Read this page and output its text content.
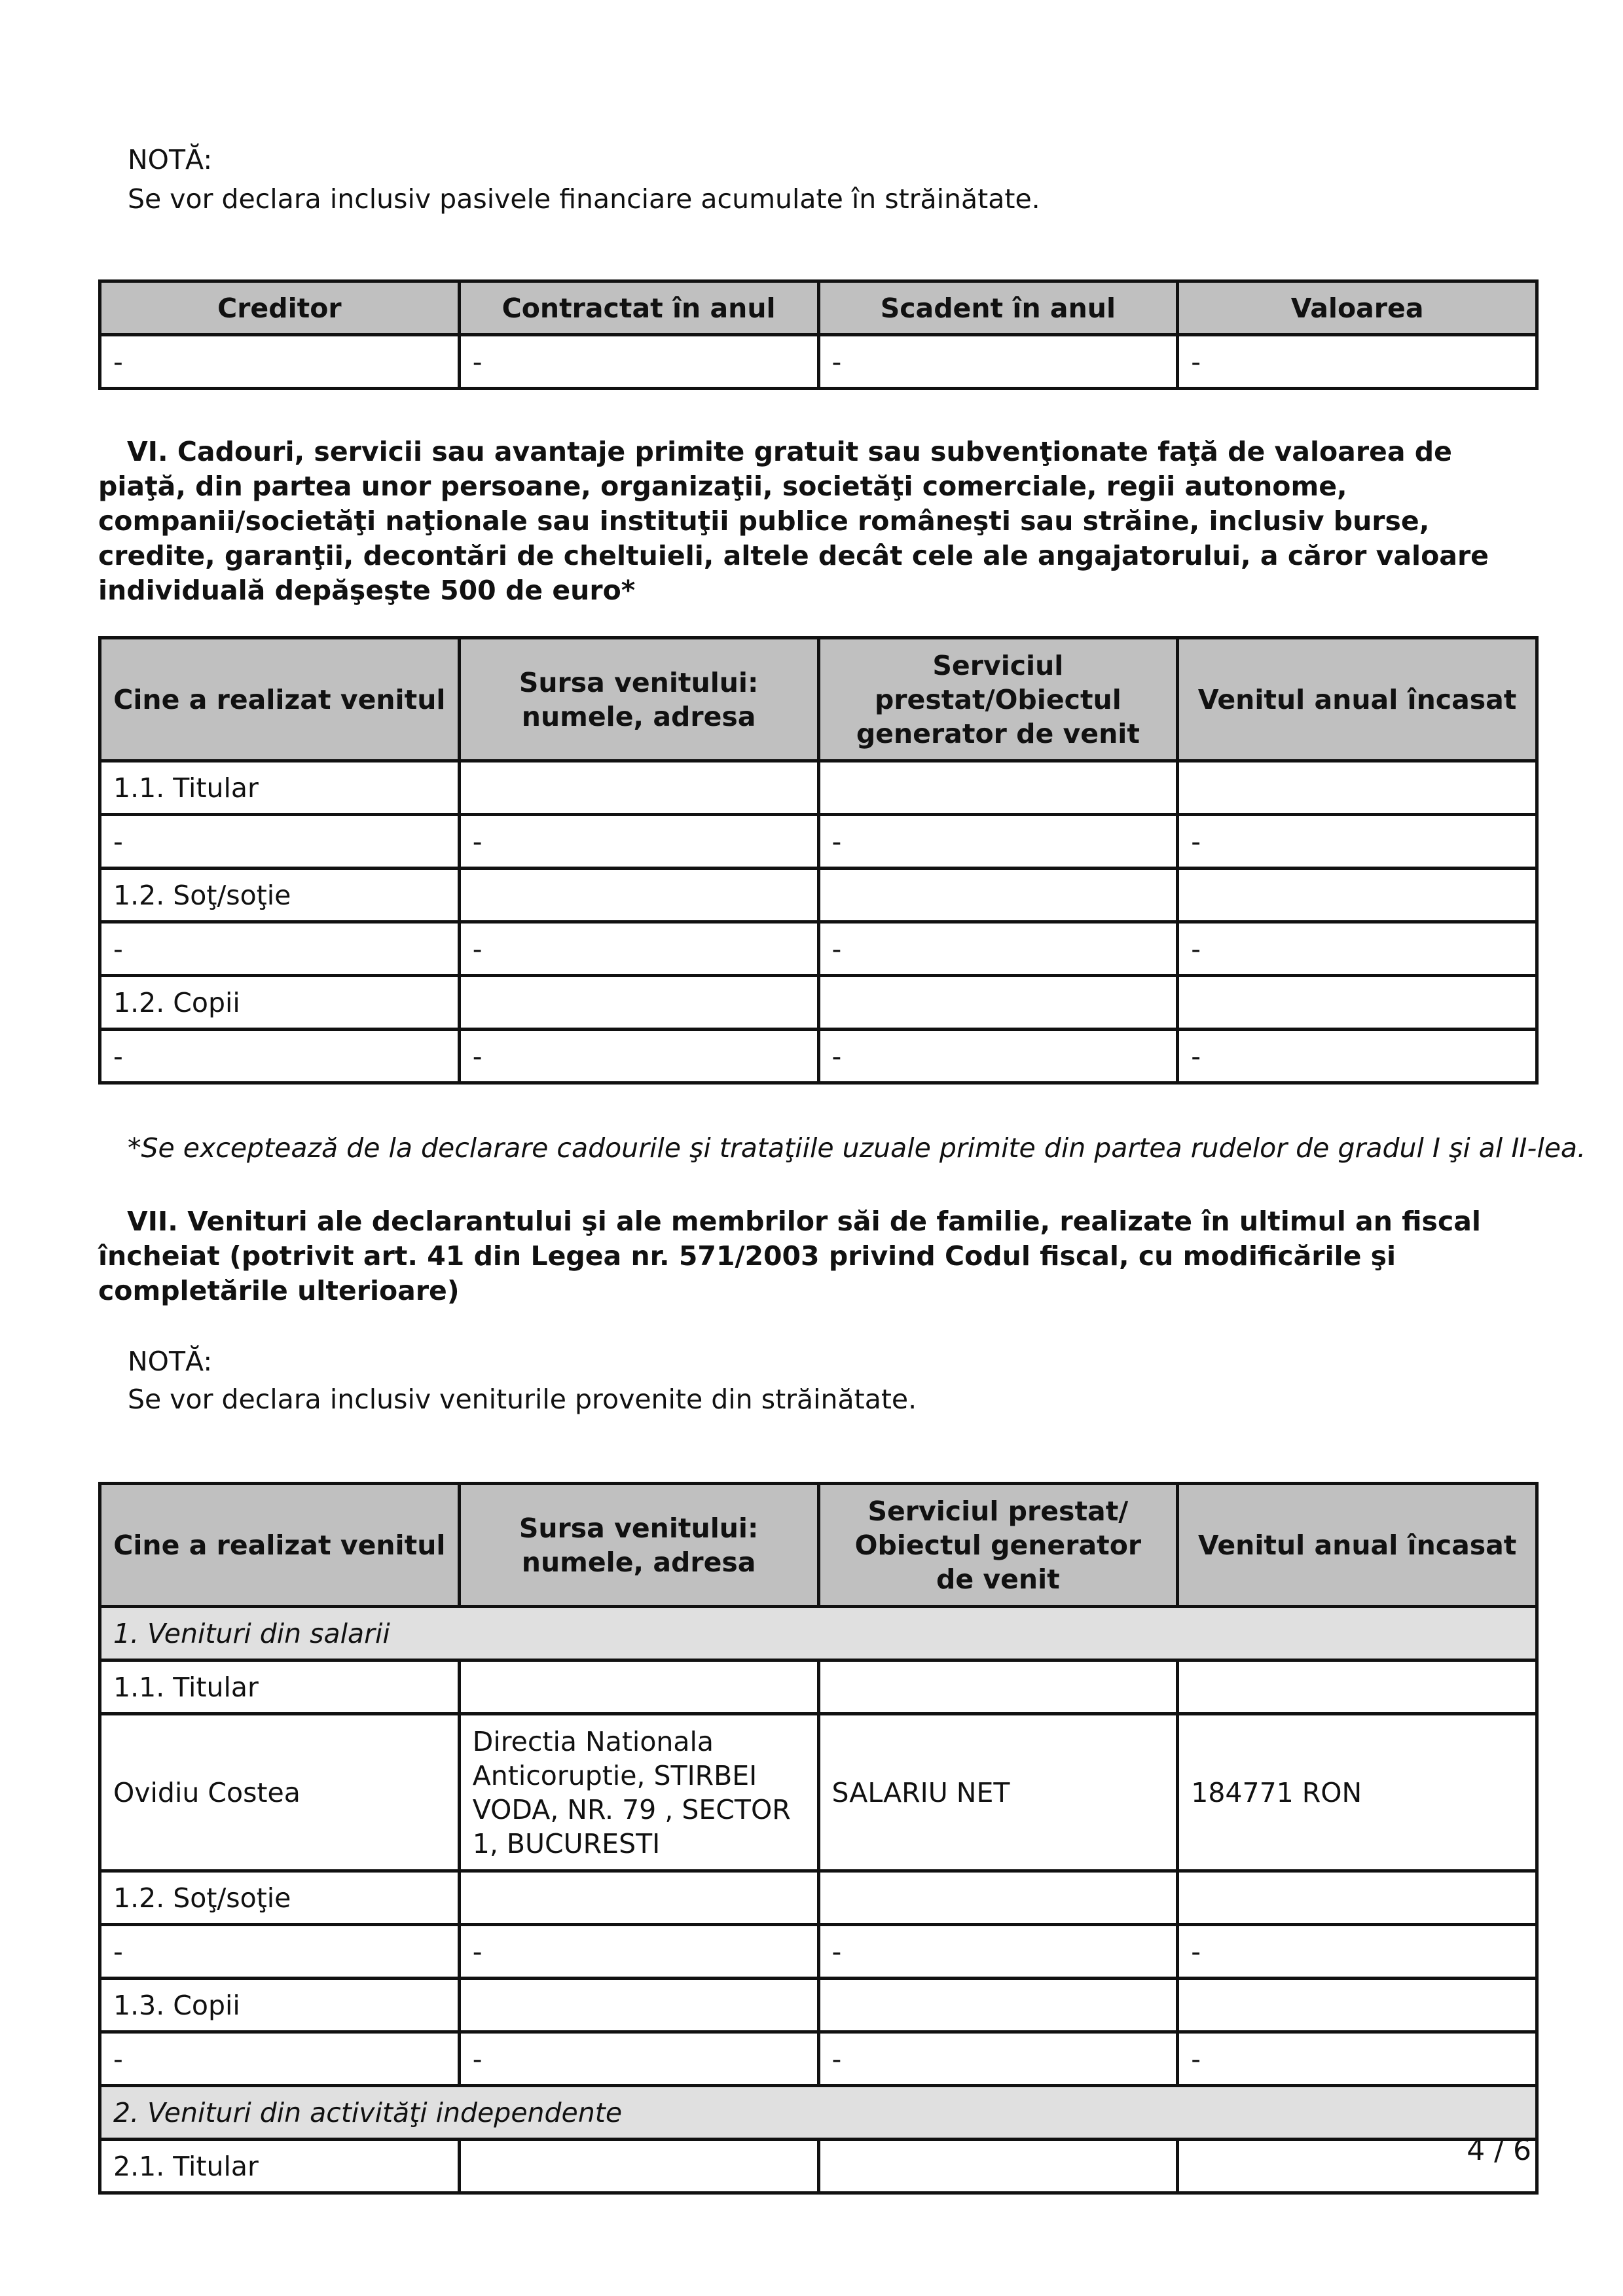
NOTĂ:
Se vor declara inclusiv pasivele financiare acumulate în străinătate.
Creditor	Contractat în anul	Scadent în anul	Valoarea
-	-	-	-
VI. Cadouri, servicii sau avantaje primite gratuit sau subvenţionate faţă de valoarea de piaţă, din partea unor persoane, organizaţii, societăţi comerciale, regii autonome, companii/societăţi naţionale sau instituţii publice româneşti sau străine, inclusiv burse, credite, garanţii, decontări de cheltuieli, altele decât cele ale angajatorului, a căror valoare individuală depăşeşte 500 de euro*
Cine a realizat venitul	Sursa venitului: numele, adresa	Serviciul prestat/Obiectul generator de venit	Venitul anual încasat
1.1. Titular			
-	-	-	-
1.2. Soţ/soţie			
-	-	-	-
1.2. Copii			
-	-	-	-
*Se exceptează de la declarare cadourile şi trataţiile uzuale primite din partea rudelor de gradul I şi al II-lea.
VII. Venituri ale declarantului şi ale membrilor săi de familie, realizate în ultimul an fiscal încheiat (potrivit art. 41 din Legea nr. 571/2003 privind Codul fiscal, cu modificările şi completările ulterioare)
NOTĂ:
Se vor declara inclusiv veniturile provenite din străinătate.
Cine a realizat venitul	Sursa venitului: numele, adresa	Serviciul prestat/ Obiectul generator de venit	Venitul anual încasat
1. Venituri din salarii			
1.1. Titular			
Ovidiu Costea	Directia Nationala Anticoruptie, STIRBEI VODA, NR. 79 , SECTOR 1, BUCURESTI	SALARIU NET	184771 RON
1.2. Soţ/soţie			
-	-	-	-
1.3. Copii			
-	-	-	-
2. Venituri din activităţi independente			
2.1. Titular				4 / 6
